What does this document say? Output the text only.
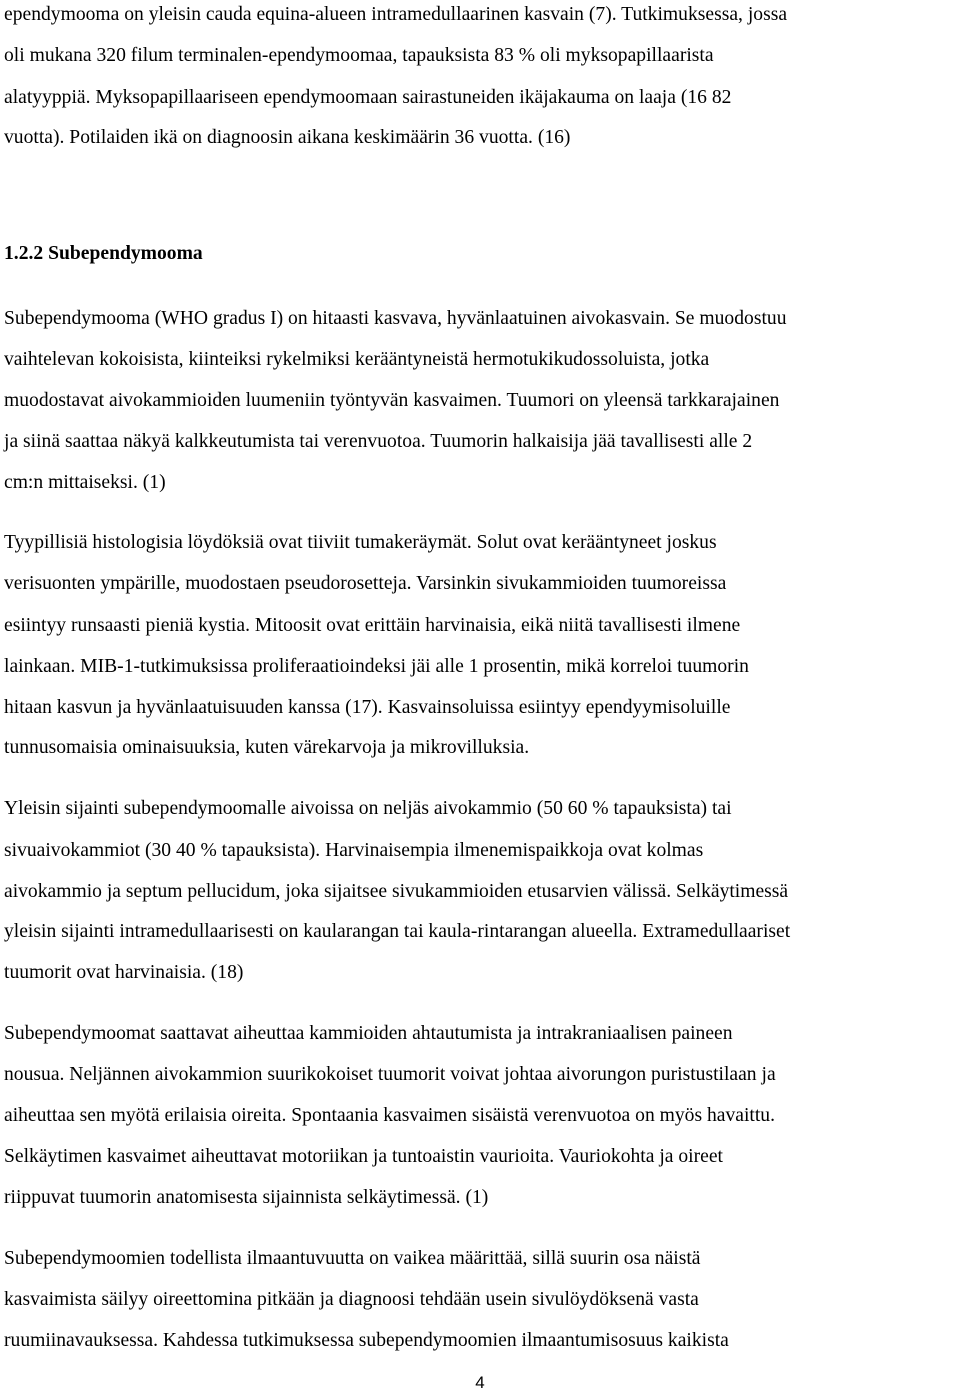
ependymooma on yleisin cauda equina-alueen intramedullaarinen kasvain (7). Tutkimuksessa, jossa
oli mukana 320 filum terminalen-ependymoomaa, tapauksista 83 % oli myksopapillaarista
alatyyppiä. Myksopapillaariseen ependymoomaan sairastuneiden ikäjakauma on laaja (16 82
vuotta). Potilaiden ikä on diagnoosin aikana keskimäärin 36 vuotta. (16)
1.2.2 Subependymooma
Subependymooma (WHO gradus I) on hitaasti kasvava, hyvänlaatuinen aivokasvain. Se muodostuu
vaihtelevan kokoisista, kiinteiksi rykelmiksi kerääntyneistä hermotukikudossoluista, jotka
muodostavat aivokammioiden luumeniin työntyvän kasvaimen. Tuumori on yleensä tarkkarajainen
ja siinä saattaa näkyä kalkkeutumista tai verenvuotoa. Tuumorin halkaisija jää tavallisesti alle 2
cm:n mittaiseksi. (1)
Tyypillisiä histologisia löydöksiä ovat tiiviit tumakeräymät. Solut ovat kerääntyneet joskus
verisuonten ympärille, muodostaen pseudorosetteja. Varsinkin sivukammioiden tuumoreissa
esiintyy runsaasti pieniä kystia. Mitoosit ovat erittäin harvinaisia, eikä niitä tavallisesti ilmene
lainkaan. MIB-1-tutkimuksissa proliferaatioindeksi jäi alle 1 prosentin, mikä korreloi tuumorin
hitaan kasvun ja hyvänlaatuisuuden kanssa (17). Kasvainsoluissa esiintyy ependyymisoluille
tunnusomaisia ominaisuuksia, kuten värekarvoja ja mikrovilluksia.
Yleisin sijainti subependymoomalle aivoissa on neljäs aivokammio (50 60 % tapauksista) tai
sivuaivokammiot (30 40 % tapauksista). Harvinaisempia ilmenemispaikkoja ovat kolmas
aivokammio ja septum pellucidum, joka sijaitsee sivukammioiden etusarvien välissä. Selkäytimessä
yleisin sijainti intramedullaarisesti on kaularangan tai kaula-rintarangan alueella. Extramedullaariset
tuumorit ovat harvinaisia. (18)
Subependymoomat saattavat aiheuttaa kammioiden ahtautumista ja intrakraniaalisen paineen
nousua. Neljännen aivokammion suurikokoiset tuumorit voivat johtaa aivorungon puristustilaan ja
aiheuttaa sen myötä erilaisia oireita. Spontaania kasvaimen sisäistä verenvuotoa on myös havaittu.
Selkäytimen kasvaimet aiheuttavat motoriikan ja tuntoaistin vaurioita. Vauriokohta ja oireet
riippuvat tuumorin anatomisesta sijainnista selkäytimessä. (1)
Subependymoomien todellista ilmaantuvuutta on vaikea määrittää, sillä suurin osa näistä
kasvaimista säilyy oireettomina pitkään ja diagnoosi tehdään usein sivulöydöksenä vasta
ruumiinavauksessa. Kahdessa tutkimuksessa subependymoomien ilmaantumisosuus kaikista
4
